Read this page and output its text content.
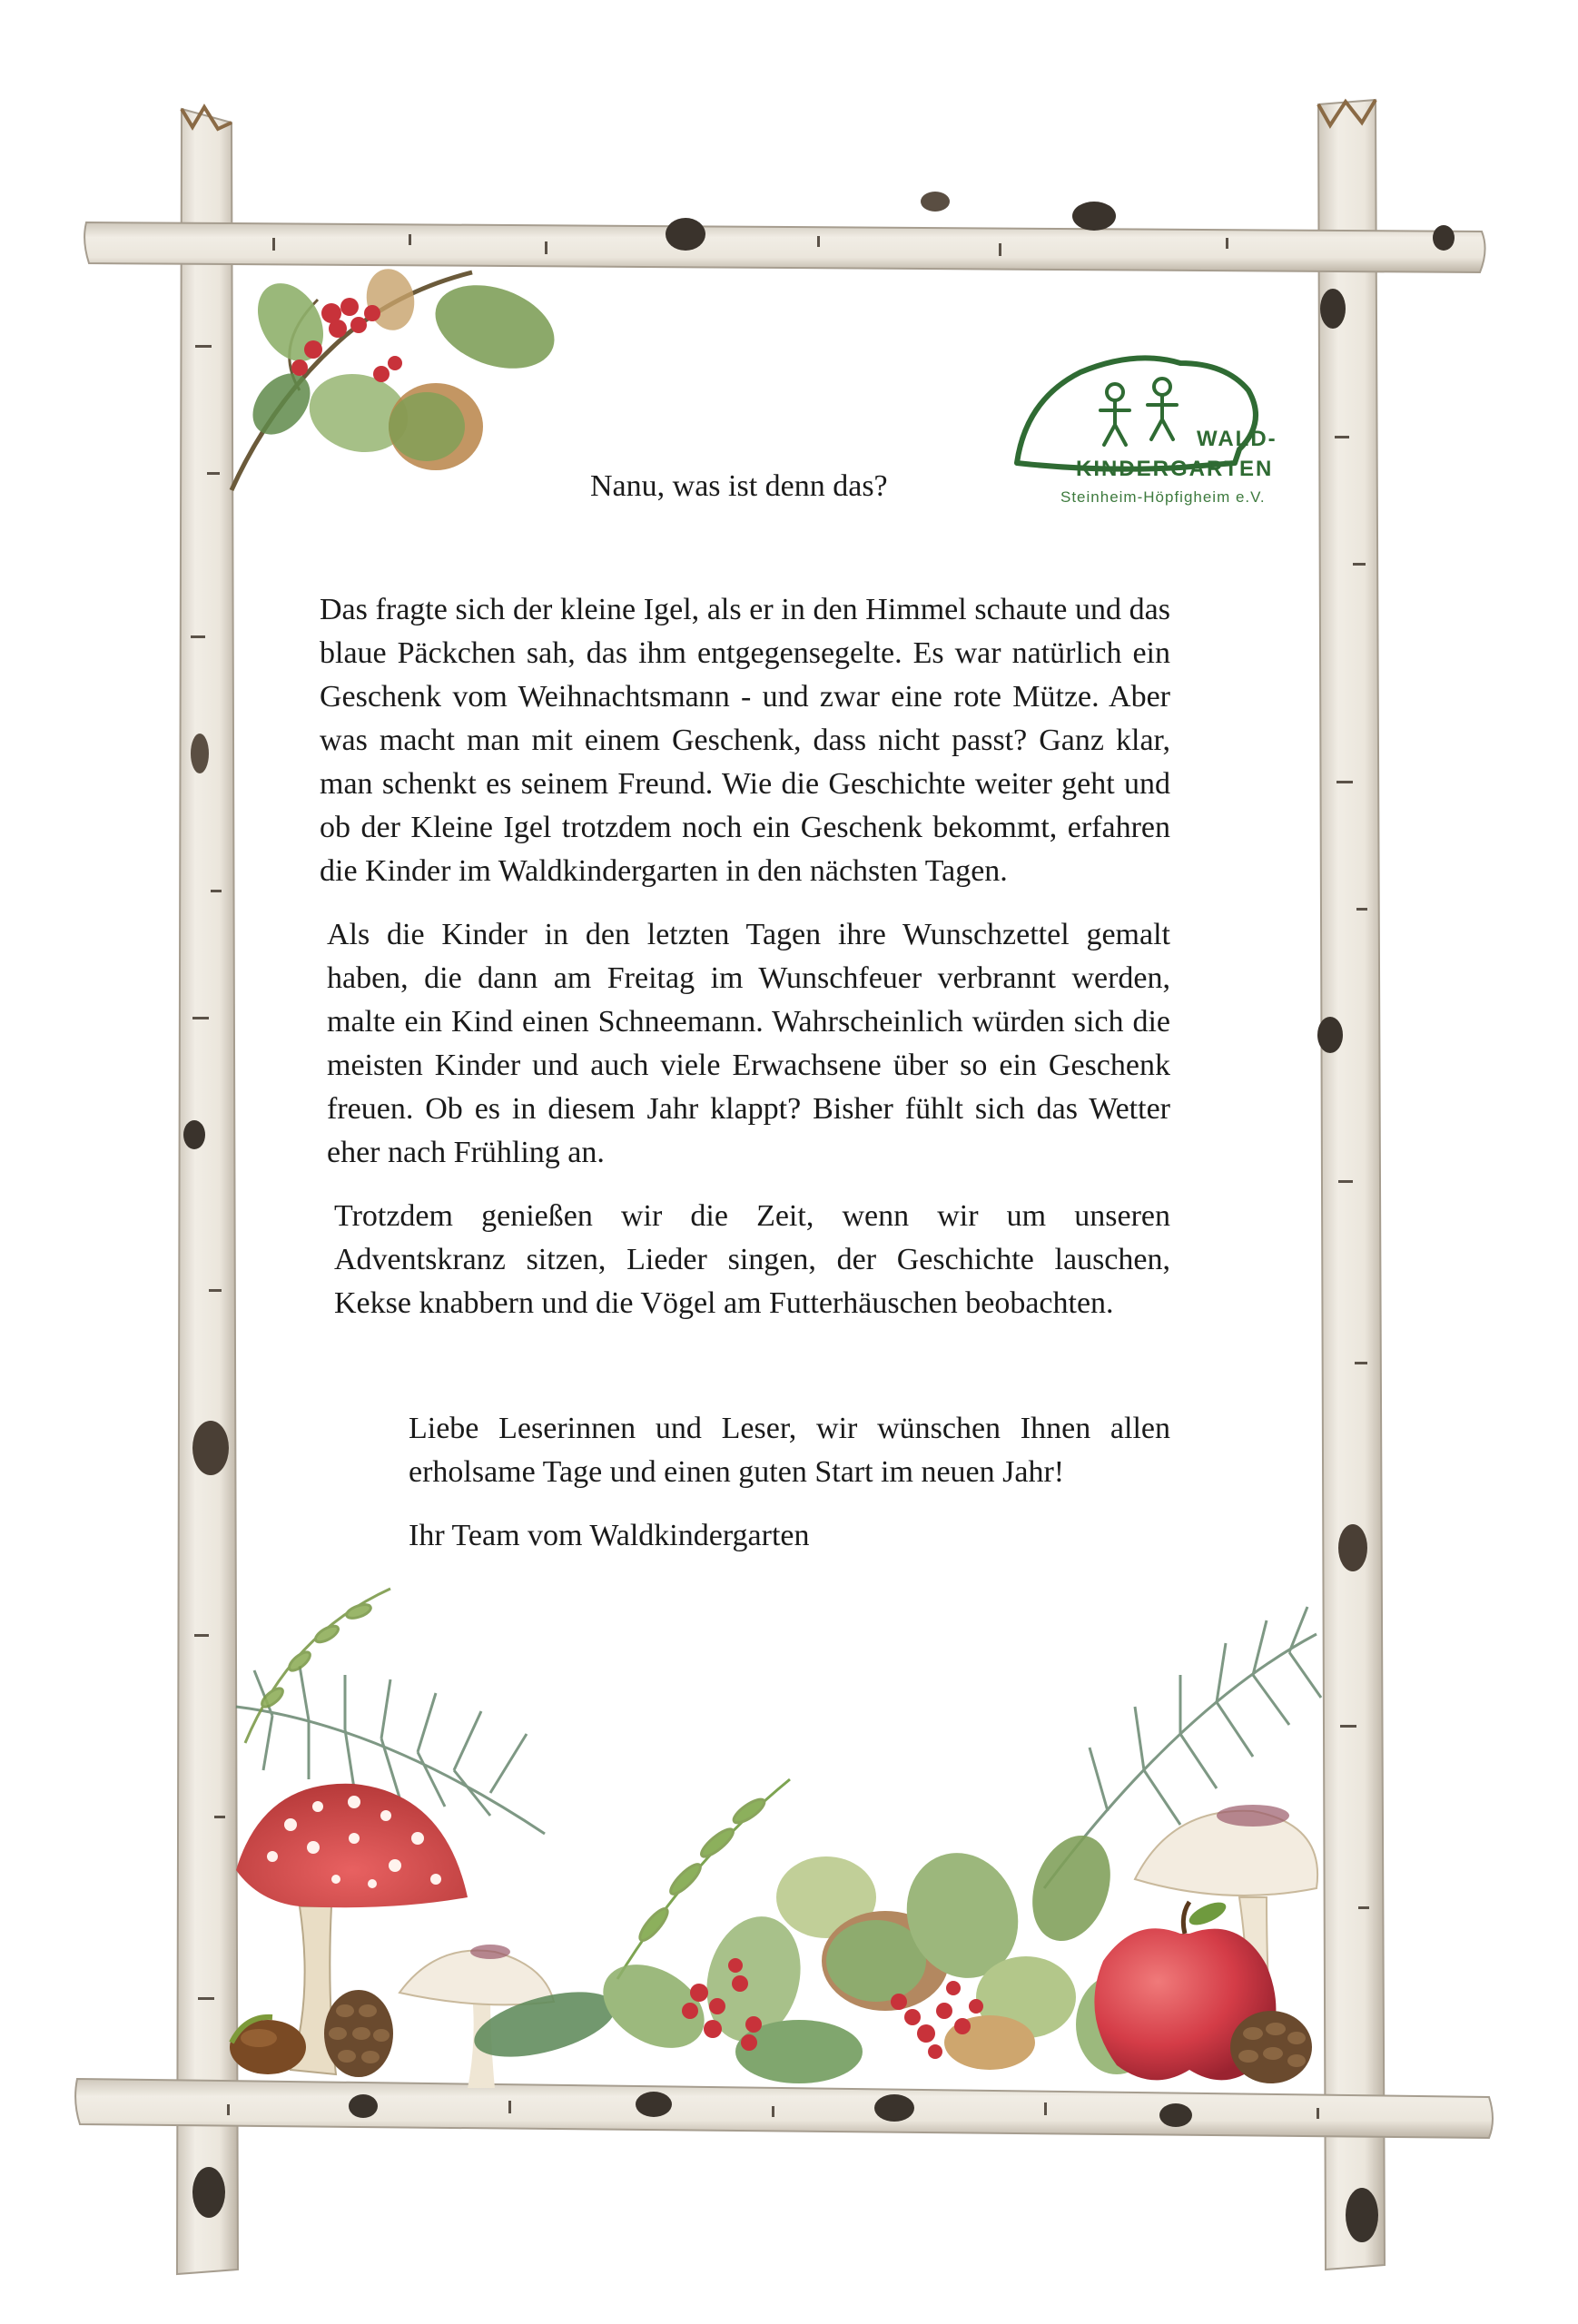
WALD-
KINDERGARTEN
Steinheim-Höpfigheim e.V.
Nanu, was ist denn das?
Das fragte sich der kleine Igel, als er in den Himmel schaute und das blaue Päckchen sah, das ihm entgegensegelte. Es war natürlich ein Geschenk vom Weihnachtsmann - und zwar eine rote Mütze. Aber was macht man mit einem Geschenk, dass nicht passt? Ganz klar, man schenkt es seinem Freund. Wie die Geschichte weiter geht und ob der Kleine Igel trotzdem noch ein Geschenk bekommt, erfahren die Kinder im Waldkindergarten in den nächsten Tagen.
Als die Kinder in den letzten Tagen ihre Wunschzettel gemalt haben, die dann am Freitag im Wunschfeuer verbrannt werden, malte ein Kind einen Schneemann. Wahrscheinlich würden sich die meisten Kinder und auch viele Erwachsene über so ein Geschenk freuen. Ob es in diesem Jahr klappt? Bisher fühlt sich das Wetter eher nach Frühling an.
Trotzdem genießen wir die Zeit, wenn wir um unseren Adventskranz sitzen, Lieder singen, der Geschichte lauschen, Kekse knabbern und die Vögel am Futterhäuschen beobachten.
Liebe Leserinnen und Leser, wir wünschen Ihnen allen erholsame Tage und einen guten Start im neuen Jahr!
Ihr Team vom Waldkindergarten
